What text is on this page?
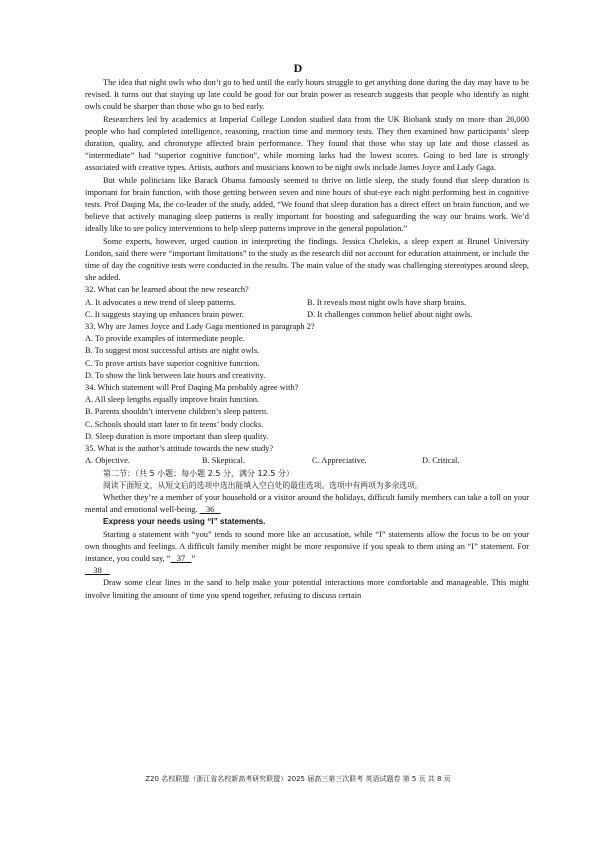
D

The idea that night owls who don’t go to bed until the early hours struggle to get anything done during the day may have to be revised. It turns out that staying up late could be good for our brain power as research suggests that people who identify as night owls could be sharper than those who go to bed early.

Researchers led by academics at Imperial College London studied data from the UK Biobank study on more than 26,000 people who had completed intelligence, reasoning, reaction time and memory tests. They then examined how participants’ sleep duration, quality, and chronotype affected brain performance. They found that those who stay up late and those classed as “intermediate” had “superior cognitive function”, while morning larks had the lowest scores. Going to bed late is strongly associated with creative types. Artists, authors and musicians known to be night owls include James Joyce and Lady Gaga.

But while politicians like Barack Obama famously seemed to thrive on little sleep, the study found that sleep duration is important for brain function, with those getting between seven and nine hours of shut-eye each night performing best in cognitive tests. Prof Daqing Ma, the co-leader of the study, added, “We found that sleep duration has a direct effect on brain function, and we believe that actively managing sleep patterns is really important for boosting and safeguarding the way our brains work. We’d ideally like to see policy interventions to help sleep patterns improve in the general population.”

Some experts, however, urged caution in interpreting the findings. Jessica Chelekis, a sleep expert at Brunel University London, said there were “important limitations” to the study as the research did not account for education attainment, or include the time of day the cognitive tests were conducted in the results. The main value of the study was challenging stereotypes around sleep, she added.

32. What can be learned about the new research?

A. It advocates a new trend of sleep patterns.	B. It reveals most night owls have sharp brains.
C. It suggests staying up enhances brain power.	D. It challenges common belief about night owls.

33. Why are James Joyce and Lady Gaga mentioned in paragraph 2?

A. To provide examples of intermediate people.

B. To suggest most successful artists are night owls.

C. To prove artists have superior cognitive function.

D. To show the link between late hours and creativity.

34. Which statement will Prof Daqing Ma probably agree with?

A. All sleep lengths equally improve brain function.

B. Parents shouldn’t intervene children’s sleep pattern.

C. Schools should start later to fit teens’ body clocks.

D. Sleep duration is more important than sleep quality.

35. What is the author’s attitude towards the new study?

A. Objective.	B. Skeptical.	C. Appreciative.	D. Critical.

第二节：（共 5 小题；每小题 2.5 分，满分 12.5 分）

阅读下面短文，从短文后的选项中选出能填入空白处的最佳选项。选项中有两项为多余选项。

Whether they’re a member of your household or a visitor around the holidays, difficult family members can take a toll on your mental and emotional well-being. 36

Express your needs using “I” statements.

Starting a statement with “you” tends to sound more like an accusation, while “I” statements allow the focus to be on your own thoughts and feelings. A difficult family member might be more responsive if you speak to them using an “I” statement. For instance, you could say, “ 37 ”

38

Draw some clear lines in the sand to help make your potential interactions more comfortable and manageable. This might involve limiting the amount of time you spend together, refusing to discuss certain

Z20 名校联盟（浙江省名校新高考研究联盟）2025 届高三第三次联考 英语试题卷 第 5 页 共 8 页
